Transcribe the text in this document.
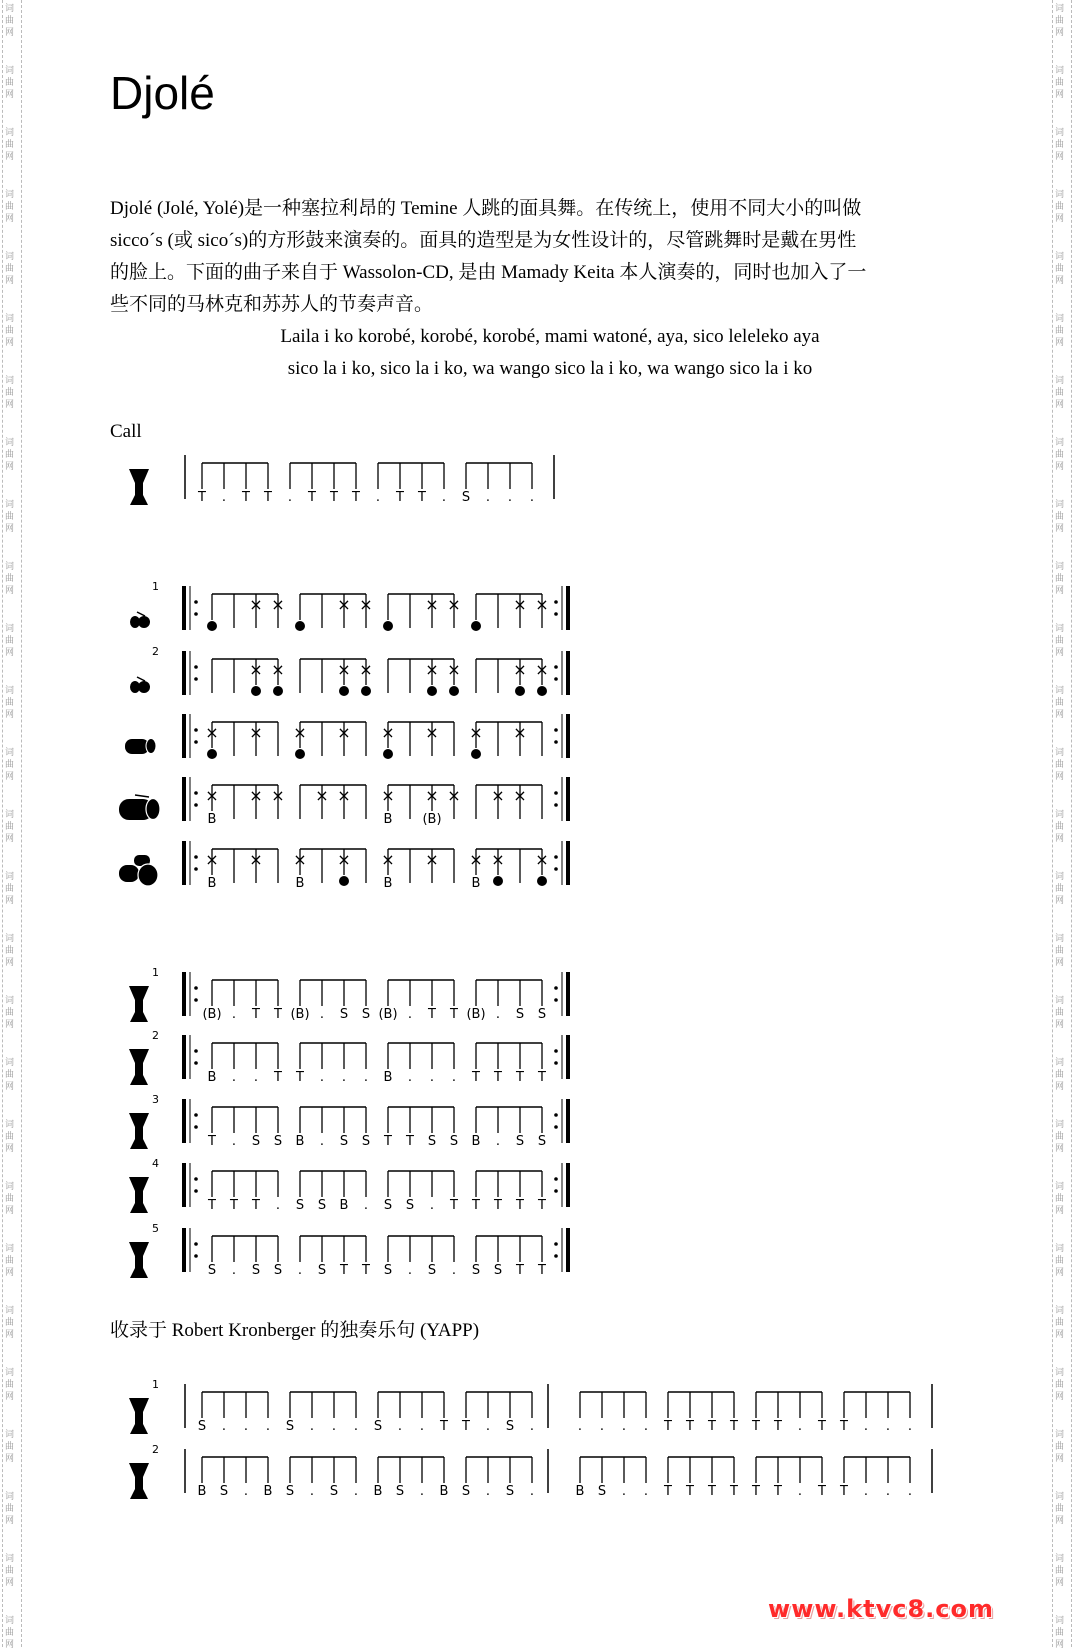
词
曲
网
词
曲
网
词
曲
网
词
曲
网
词
曲
网
词
曲
网
词
曲
网
词
曲
网
词
曲
网
词
曲
网
词
曲
网
词
曲
网
词
曲
网
词
曲
网
词
曲
网
词
曲
网
词
曲
网
词
曲
网
词
曲
网
词
曲
网
词
曲
网
词
曲
网
词
曲
网
词
曲
网
词
曲
网
词
曲
网
词
曲
网
词
曲
网
词
曲
网
词
曲
网
词
曲
网
词
曲
网
词
曲
网
词
曲
网
词
曲
网
词
曲
网
词
曲
网
词
曲
网
词
曲
网
词
曲
网
词
曲
网
词
曲
网
词
曲
网
词
曲
网
词
曲
网
词
曲
网
词
曲
网
词
曲
网
词
曲
网
词
曲
网
词
曲
网
词
曲
网
词
曲
网
词
曲
网
Djolé

Djolé (Jolé, Yolé)是一种塞拉利昂的 Temine 人跳的面具舞。在传统上，使用不同大小的叫做

sicco´s (或 sico´s)的方形鼓来演奏的。面具的造型是为女性设计的，尽管跳舞时是戴在男性

的脸上。下面的曲子来自于 Wassolon-CD, 是由 Mamady Keita 本人演奏的，同时也加入了一

些不同的马林克和苏苏人的节奏声音。

Laila i ko korobé, korobé, korobé, mami watoné, aya, sico leleleko aya
sico la i ko, sico la i ko, wa wango sico la i ko, wa wango sico la i ko
Call
收录于 Robert Kronberger 的独奏乐句 (YAPP)
T . T T . T T T . T T . S . . .
1
× ×	× ×	× ×	× ×
2
× ×	× ×	× ×	× ×
× × × × × × × ×
×
B
× × × × ×
B
×
(B)
× × ×
×
B
× ×
B
× ×
B
× ×
B
× ×
1
(B) . T T (B) . S S (B) . T T (B) . S S
2
B . . T T . . . B . . . T T T T
3
T . S S B . S S T T S S B . S S
4
T T T . S S B . S S . T T T T T
5
S . S S . S T T S . S . S S T T
1
S . . . S . . . S . . T T . S .	. . . . T T T T T T . T T . . .
2
B S . B S . S . B S . B S . S .	B S . . T T T T T T . T T . . .
www.ktvc8.com
